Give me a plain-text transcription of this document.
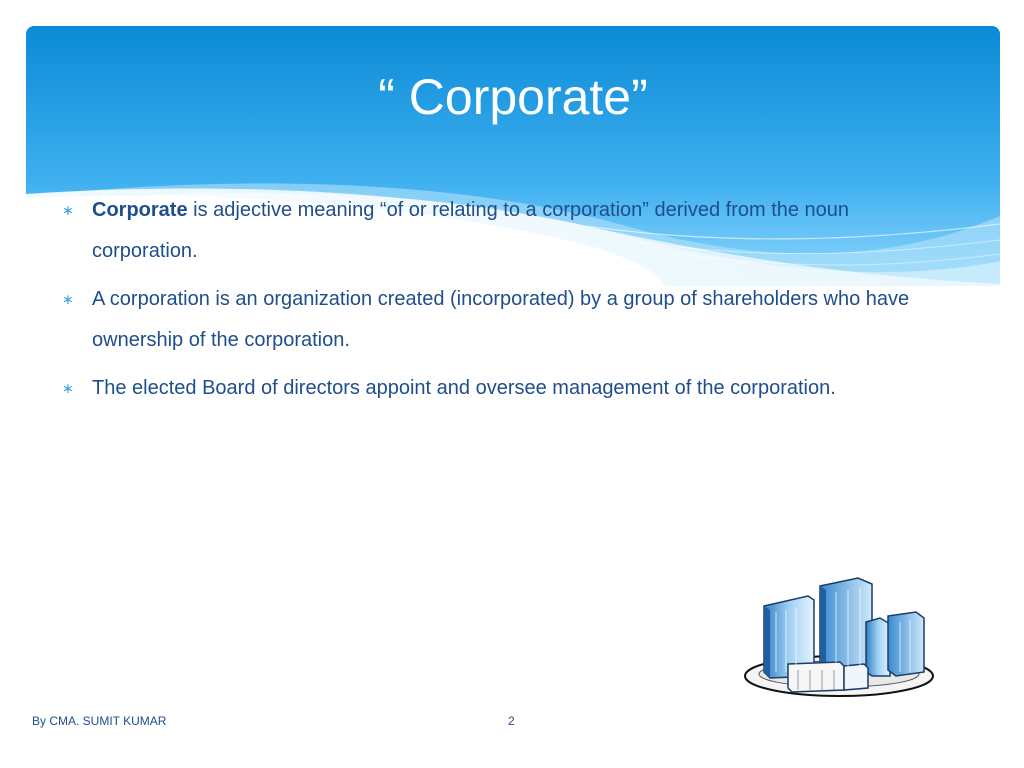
“ Corporate”
∗ Corporate is adjective meaning “of or relating to a corporation” derived from the noun corporation.
∗ A corporation is an organization created (incorporated) by a group of shareholders who have ownership of the corporation.
∗ The elected Board of directors appoint and oversee management of the corporation.
By CMA. SUMIT KUMAR	2
